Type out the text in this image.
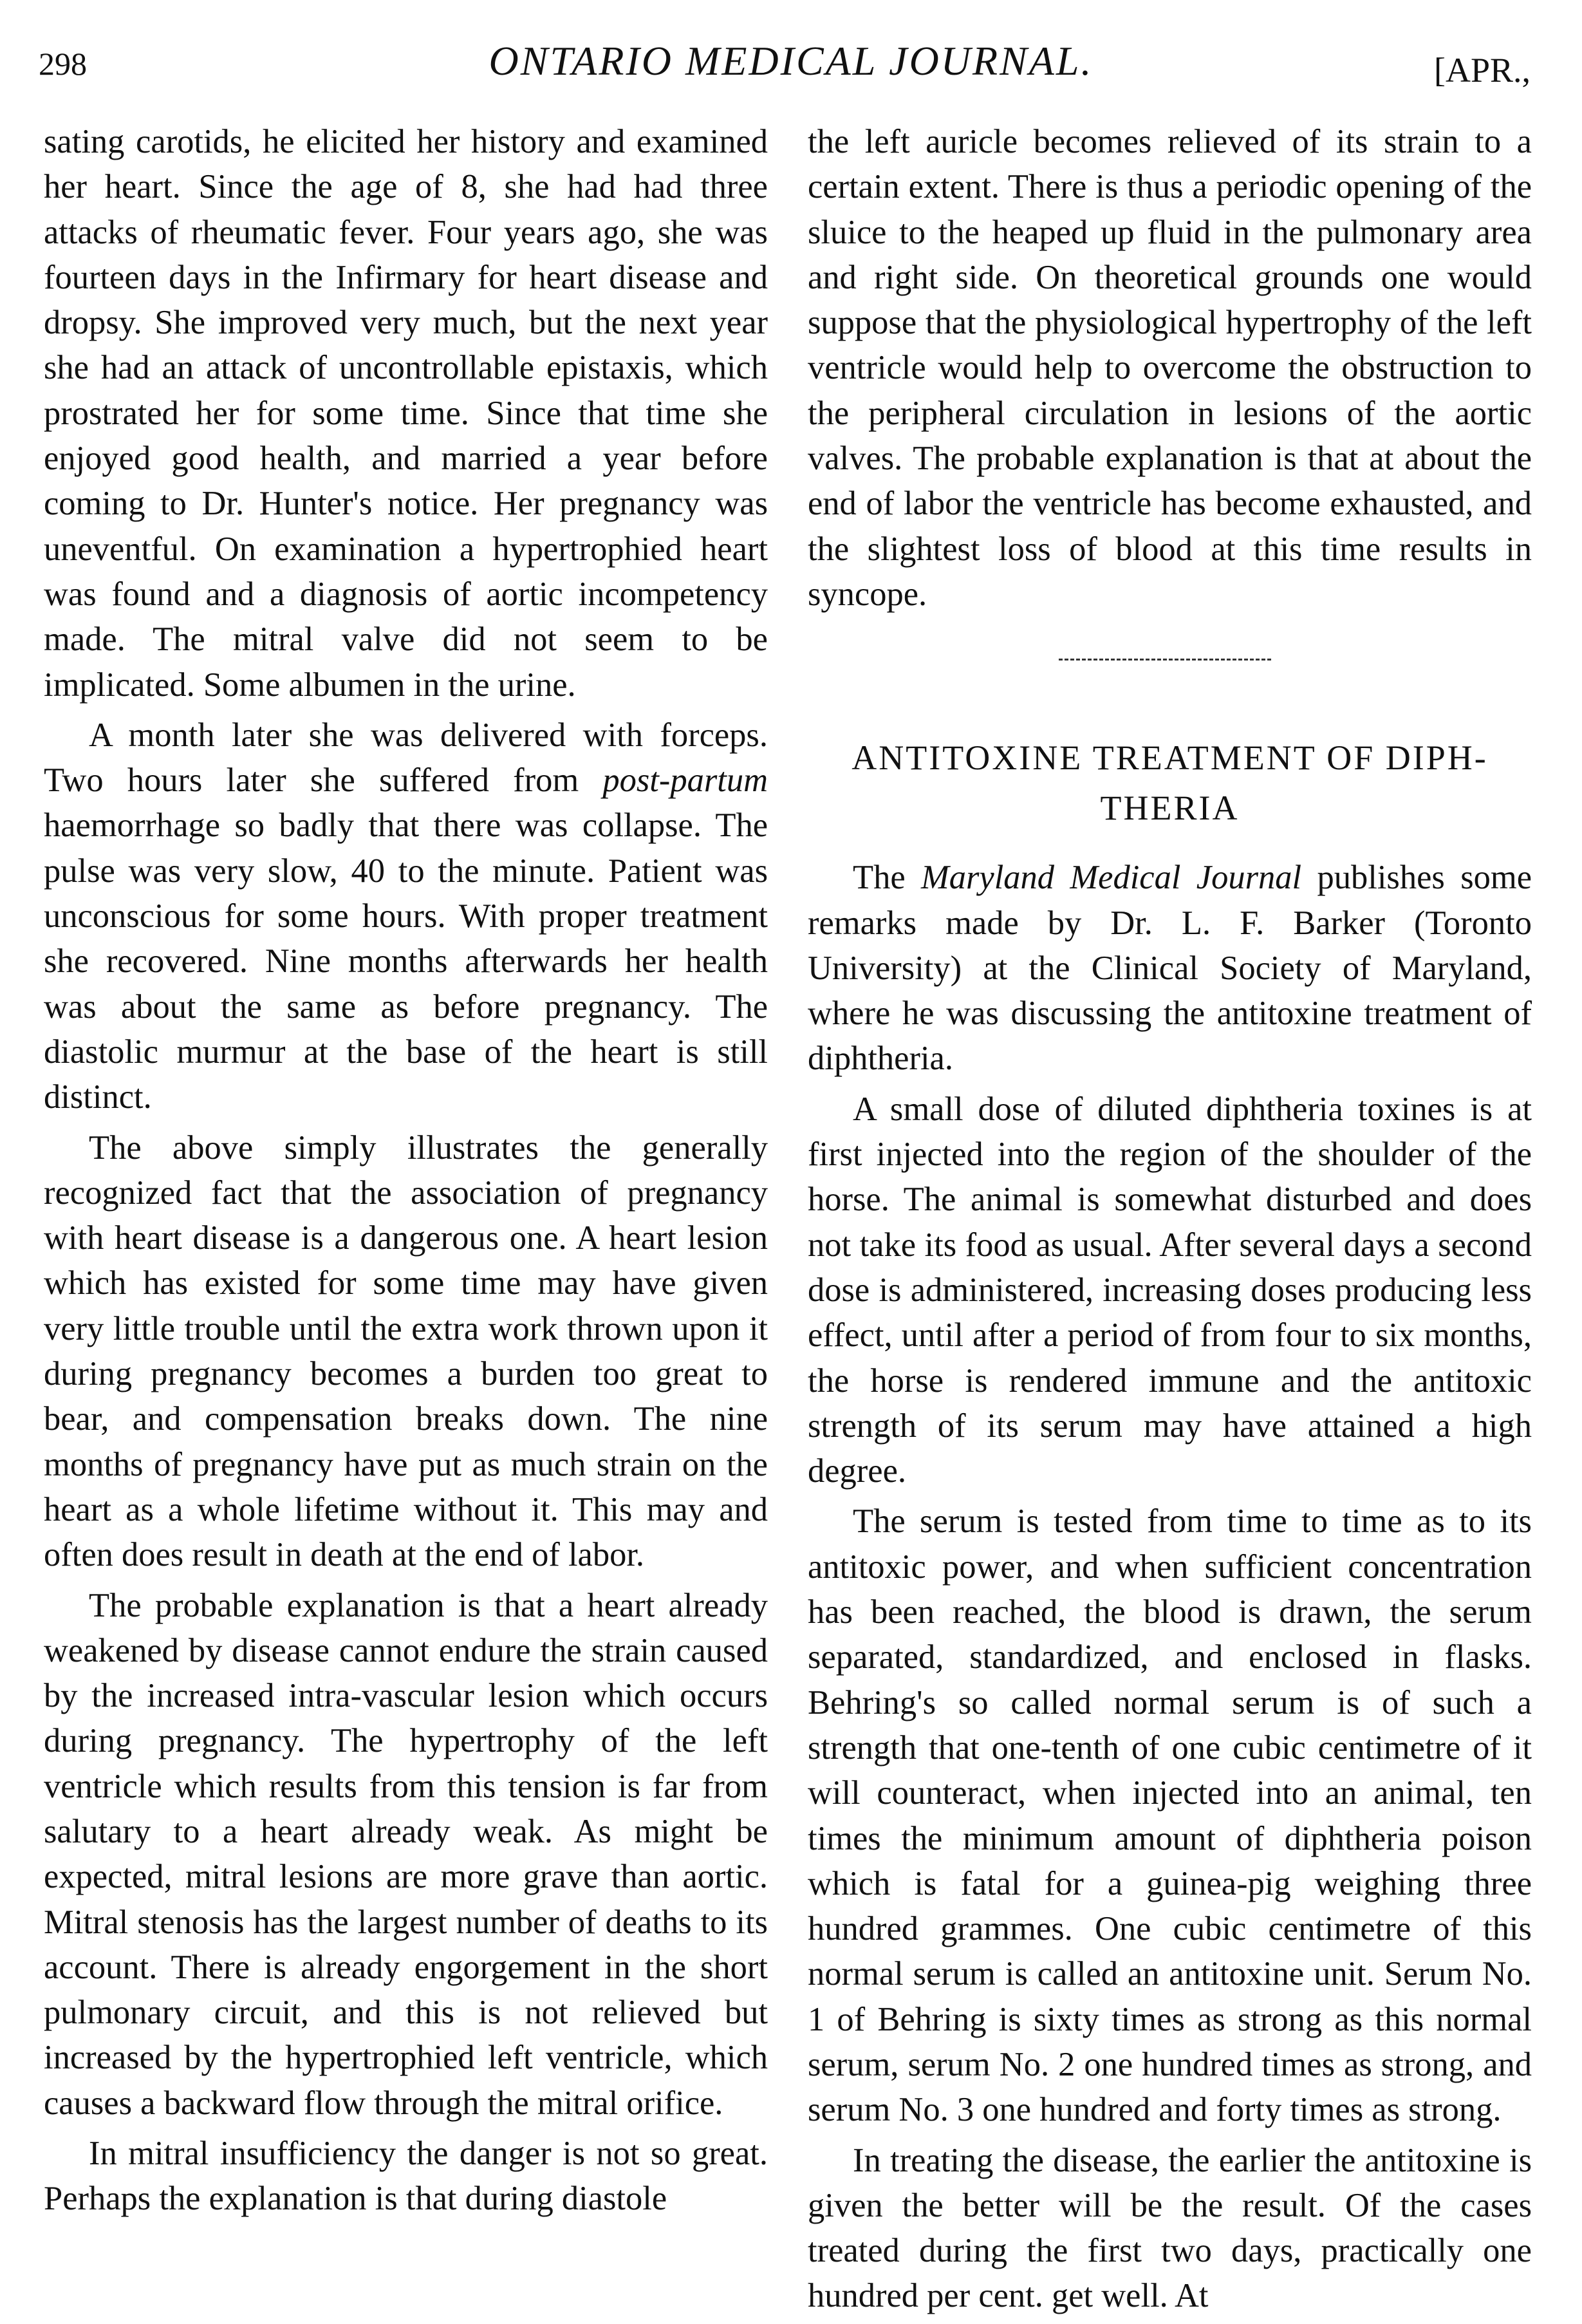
298	ONTARIO MEDICAL JOURNAL.	[APR.,

sating carotids, he elicited her history and examined her heart. Since the age of 8, she had had three attacks of rheumatic fever. Four years ago, she was fourteen days in the Infirmary for heart disease and dropsy. She improved very much, but the next year she had an attack of uncontrollable epistaxis, which prostrated her for some time. Since that time she enjoyed good health, and married a year before coming to Dr. Hunter's notice. Her pregnancy was uneventful. On examination a hypertrophied heart was found and a diagnosis of aortic incompetency made. The mitral valve did not seem to be implicated. Some albumen in the urine.

A month later she was delivered with forceps. Two hours later she suffered from post-partum haemorrhage so badly that there was collapse. The pulse was very slow, 40 to the minute. Patient was unconscious for some hours. With proper treatment she recovered. Nine months afterwards her health was about the same as before pregnancy. The diastolic murmur at the base of the heart is still distinct.

The above simply illustrates the generally recognized fact that the association of pregnancy with heart disease is a dangerous one. A heart lesion which has existed for some time may have given very little trouble until the extra work thrown upon it during pregnancy becomes a burden too great to bear, and compensation breaks down. The nine months of pregnancy have put as much strain on the heart as a whole lifetime without it. This may and often does result in death at the end of labor.

The probable explanation is that a heart already weakened by disease cannot endure the strain caused by the increased intra-vascular lesion which occurs during pregnancy. The hypertrophy of the left ventricle which results from this tension is far from salutary to a heart already weak. As might be expected, mitral lesions are more grave than aortic. Mitral stenosis has the largest number of deaths to its account. There is already engorgement in the short pulmonary circuit, and this is not relieved but increased by the hypertrophied left ventricle, which causes a backward flow through the mitral orifice.

In mitral insufficiency the danger is not so great. Perhaps the explanation is that during diastole

the left auricle becomes relieved of its strain to a certain extent. There is thus a periodic opening of the sluice to the heaped up fluid in the pulmonary area and right side. On theoretical grounds one would suppose that the physiological hypertrophy of the left ventricle would help to overcome the obstruction to the peripheral circulation in lesions of the aortic valves. The probable explanation is that at about the end of labor the ventricle has become exhausted, and the slightest loss of blood at this time results in syncope.

ANTITOXINE TREATMENT OF DIPH-
THERIA

The Maryland Medical Journal publishes some remarks made by Dr. L. F. Barker (Toronto University) at the Clinical Society of Maryland, where he was discussing the antitoxine treatment of diphtheria.

A small dose of diluted diphtheria toxines is at first injected into the region of the shoulder of the horse. The animal is somewhat disturbed and does not take its food as usual. After several days a second dose is administered, increasing doses producing less effect, until after a period of from four to six months, the horse is rendered immune and the antitoxic strength of its serum may have attained a high degree.

The serum is tested from time to time as to its antitoxic power, and when sufficient concentration has been reached, the blood is drawn, the serum separated, standardized, and enclosed in flasks. Behring's so called normal serum is of such a strength that one-tenth of one cubic centimetre of it will counteract, when injected into an animal, ten times the minimum amount of diphtheria poison which is fatal for a guinea-pig weighing three hundred grammes. One cubic centimetre of this normal serum is called an antitoxine unit. Serum No. 1 of Behring is sixty times as strong as this normal serum, serum No. 2 one hundred times as strong, and serum No. 3 one hundred and forty times as strong.

In treating the disease, the earlier the antitoxine is given the better will be the result. Of the cases treated during the first two days, practically one hundred per cent. get well. At
